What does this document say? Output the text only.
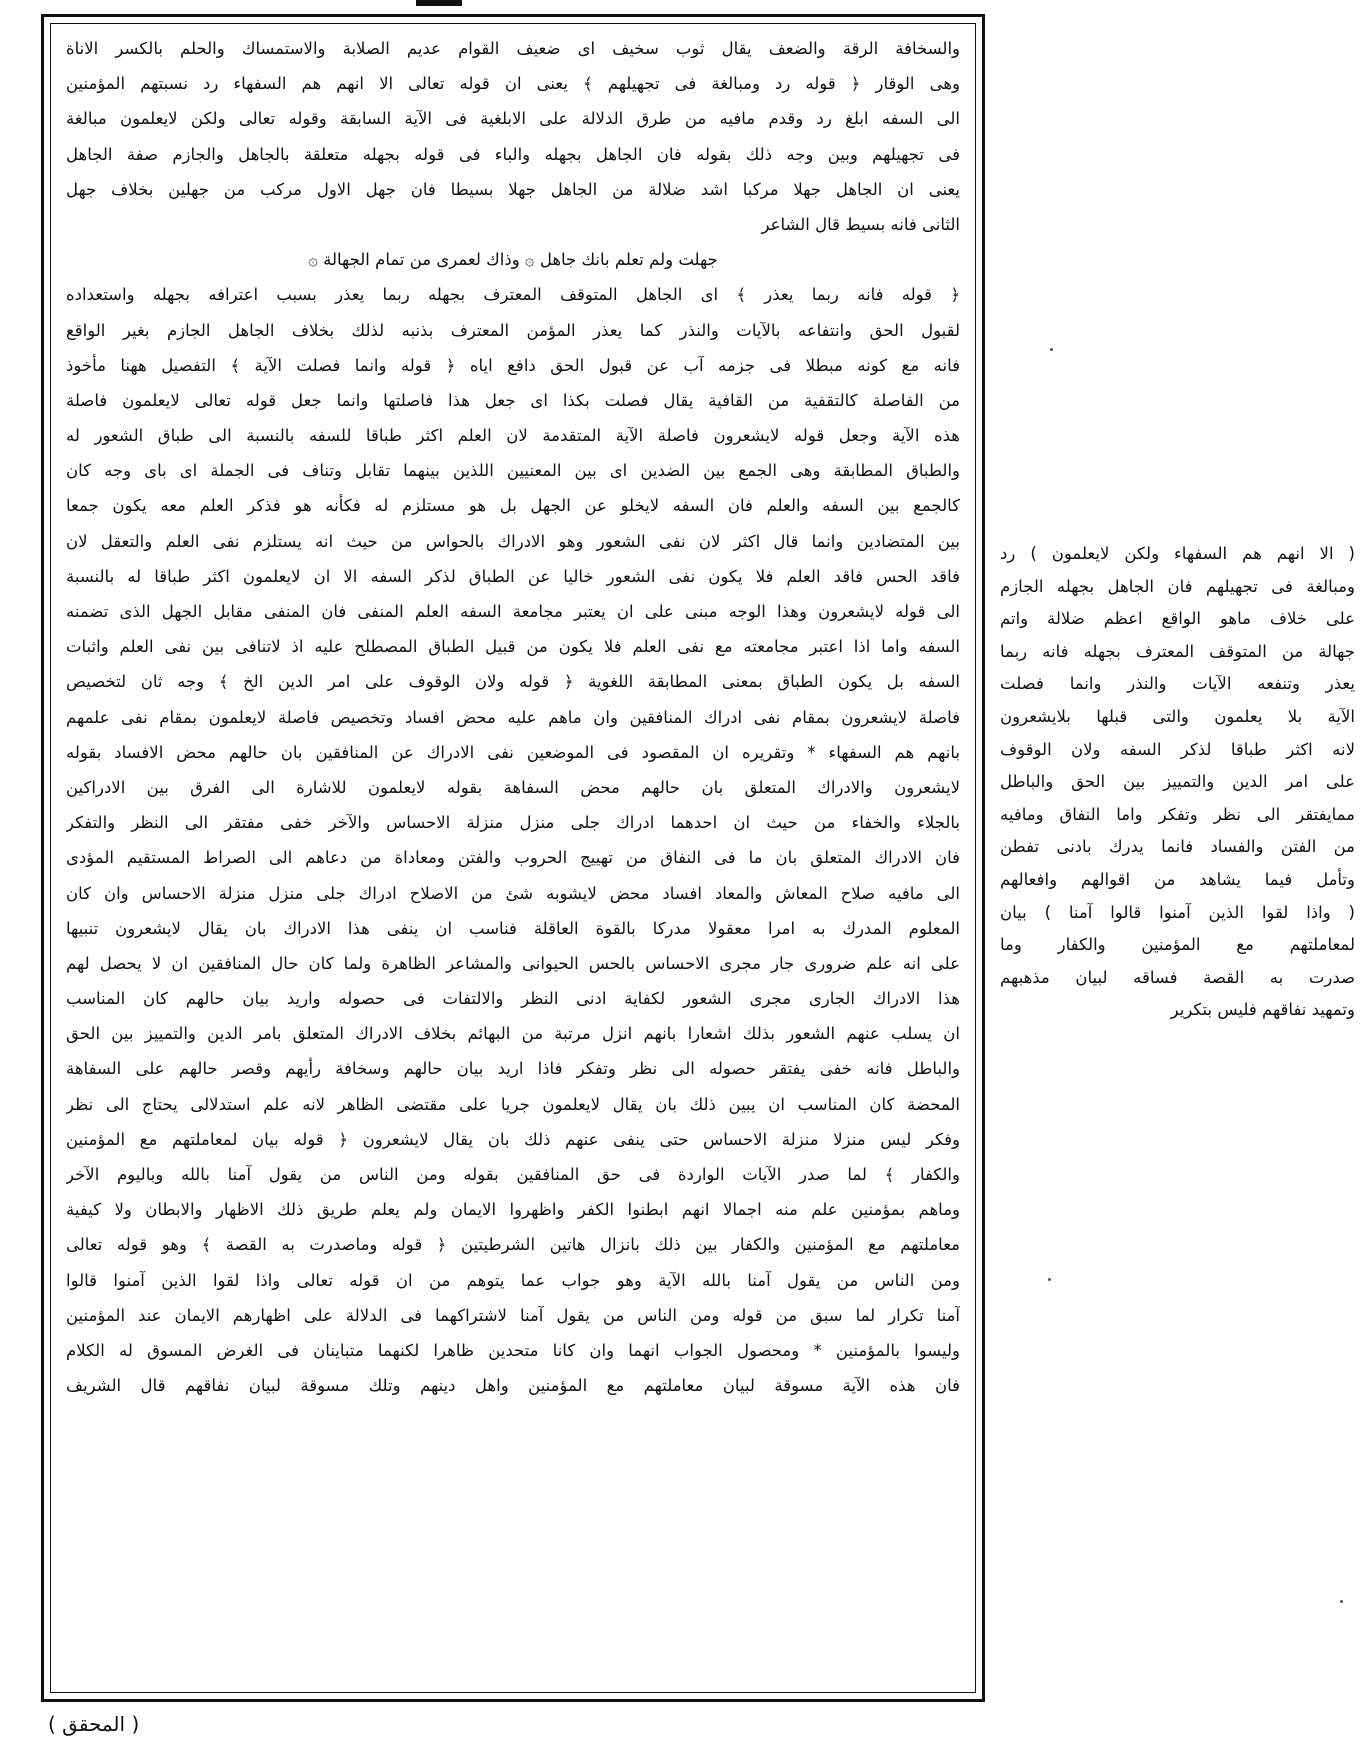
والسخافة الرقة والضعف يقال ثوب سخيف اى ضعيف القوام عديم الصلابة والاستمساك والحلم بالكسر الاناة
وهى الوقار ﴿ قوله رد ومبالغة فى تجهيلهم ﴾ يعنى ان قوله تعالى الا انهم هم السفهاء رد نسبتهم المؤمنين
الى السفه ابلغ رد وقدم مافيه من طرق الدلالة على الابلغية فى الآية السابقة وقوله تعالى ولكن لايعلمون مبالغة
فى تجهيلهم وبين وجه ذلك بقوله فان الجاهل بجهله والباء فى قوله بجهله متعلقة بالجاهل والجازم صفة الجاهل
يعنى ان الجاهل جهلا مركبا اشد ضلالة من الجاهل جهلا بسيطا فان جهل الاول مركب من جهلين بخلاف جهل
الثانى فانه بسيط قال الشاعر
جهلت ولم تعلم بانك جاهل ۞ وذاك لعمرى من تمام الجهالة ۞
﴿ قوله فانه ربما يعذر ﴾ اى الجاهل المتوقف المعترف بجهله ربما يعذر بسبب اعترافه بجهله واستعداده
لقبول الحق وانتفاعه بالآيات والنذر كما يعذر المؤمن المعترف بذنبه لذلك بخلاف الجاهل الجازم بغير الواقع
فانه مع كونه مبطلا فى جزمه آب عن قبول الحق دافع اياه ﴿ قوله وانما فصلت الآية ﴾ التفصيل ههنا مأخوذ
من الفاصلة كالتقفية من القافية يقال فصلت بكذا اى جعل هذا فاصلتها وانما جعل قوله تعالى لايعلمون فاصلة
هذه الآية وجعل قوله لايشعرون فاصلة الآية المتقدمة لان العلم اكثر طباقا للسفه بالنسبة الى طباق الشعور له
والطباق المطابقة وهى الجمع بين الضدين اى بين المعنيين اللذين بينهما تقابل وتناف فى الجملة اى باى وجه كان
كالجمع بين السفه والعلم فان السفه لايخلو عن الجهل بل هو مستلزم له فكأنه هو فذكر العلم معه يكون جمعا
بين المتضادين وانما قال اكثر لان نفى الشعور وهو الادراك بالحواس من حيث انه يستلزم نفى العلم والتعقل لان
فاقد الحس فاقد العلم فلا يكون نفى الشعور خاليا عن الطباق لذكر السفه الا ان لايعلمون اكثر طباقا له بالنسبة
الى قوله لايشعرون وهذا الوجه مبنى على ان يعتبر مجامعة السفه العلم المنفى فان المنفى مقابل الجهل الذى تضمنه
السفه واما اذا اعتبر مجامعته مع نفى العلم فلا يكون من قبيل الطباق المصطلح عليه اذ لاتنافى بين نفى العلم واثبات
السفه بل يكون الطباق بمعنى المطابقة اللغوية ﴿ قوله ولان الوقوف على امر الدين الخ ﴾ وجه ثان لتخصيص
فاصلة لايشعرون بمقام نفى ادراك المنافقين وان ماهم عليه محض افساد وتخصيص فاصلة لايعلمون بمقام نفى علمهم
بانهم هم السفهاء * وتقريره ان المقصود فى الموضعين نفى الادراك عن المنافقين بان حالهم محض الافساد بقوله
لايشعرون والادراك المتعلق بان حالهم محض السفاهة بقوله لايعلمون للاشارة الى الفرق بين الادراكين
بالجلاء والخفاء من حيث ان احدهما ادراك جلى منزل منزلة الاحساس والآخر خفى مفتقر الى النظر والتفكر
فان الادراك المتعلق بان ما فى النفاق من تهييج الحروب والفتن ومعاداة من دعاهم الى الصراط المستقيم المؤدى
الى مافيه صلاح المعاش والمعاد افساد محض لايشوبه شئ من الاصلاح ادراك جلى منزل منزلة الاحساس وان كان
المعلوم المدرك به امرا معقولا مدركا بالقوة العاقلة فناسب ان ينفى هذا الادراك بان يقال لايشعرون تنبيها
على انه علم ضرورى جار مجرى الاحساس بالحس الحيوانى والمشاعر الظاهرة ولما كان حال المنافقين ان لا يحصل لهم
هذا الادراك الجارى مجرى الشعور لكفاية ادنى النظر والالتفات فى حصوله واريد بيان حالهم كان المناسب
ان يسلب عنهم الشعور بذلك اشعارا بانهم انزل مرتبة من البهائم بخلاف الادراك المتعلق بامر الدين والتمييز بين الحق
والباطل فانه خفى يفتقر حصوله الى نظر وتفكر فاذا اريد بيان حالهم وسخافة رأيهم وقصر حالهم على السفاهة
المحضة كان المناسب ان يبين ذلك بان يقال لايعلمون جريا على مقتضى الظاهر لانه علم استدلالى يحتاج الى نظر
وفكر ليس منزلا منزلة الاحساس حتى ينفى عنهم ذلك بان يقال لايشعرون ﴿ قوله بيان لمعاملتهم مع المؤمنين
والكفار ﴾ لما صدر الآيات الواردة فى حق المنافقين بقوله ومن الناس من يقول آمنا بالله وباليوم الآخر
وماهم بمؤمنين علم منه اجمالا انهم ابطنوا الكفر واظهروا الايمان ولم يعلم طريق ذلك الاظهار والابطان ولا كيفية
معاملتهم مع المؤمنين والكفار بين ذلك بانزال هاتين الشرطيتين ﴿ قوله وماصدرت به القصة ﴾ وهو قوله تعالى
ومن الناس من يقول آمنا بالله الآية وهو جواب عما يتوهم من ان قوله تعالى واذا لقوا الذين آمنوا قالوا
آمنا تكرار لما سبق من قوله ومن الناس من يقول آمنا لاشتراكهما فى الدلالة على اظهارهم الايمان عند المؤمنين
وليسوا بالمؤمنين * ومحصول الجواب انهما وان كانا متحدين ظاهرا لكنهما متباينان فى الغرض المسوق له الكلام
فان هذه الآية مسوقة لبيان معاملتهم مع المؤمنين واهل دينهم وتلك مسوقة لبيان نفاقهم قال الشريف
( الا انهم هم السفهاء ولكن لايعلمون ) رد
ومبالغة فى تجهيلهم فان الجاهل بجهله الجازم
على خلاف ماهو الواقع اعظم ضلالة واتم
جهالة من المتوقف المعترف بجهله فانه ربما
يعذر وتنفعه الآيات والنذر وانما فصلت
الآية بلا يعلمون والتى قبلها بلايشعرون
لانه اكثر طباقا لذكر السفه ولان الوقوف
على امر الدين والتمييز بين الحق والباطل
ممايفتقر الى نظر وتفكر واما النفاق ومافيه
من الفتن والفساد فانما يدرك بادنى تفطن
وتأمل فيما يشاهد من اقوالهم وافعالهم
( واذا لقوا الذين آمنوا قالوا آمنا ) بيان
لمعاملتهم مع المؤمنين والكفار وما
صدرت به القصة فساقه لبيان مذهبهم
وتمهيد نفاقهم فليس بتكرير
( المحقق )
